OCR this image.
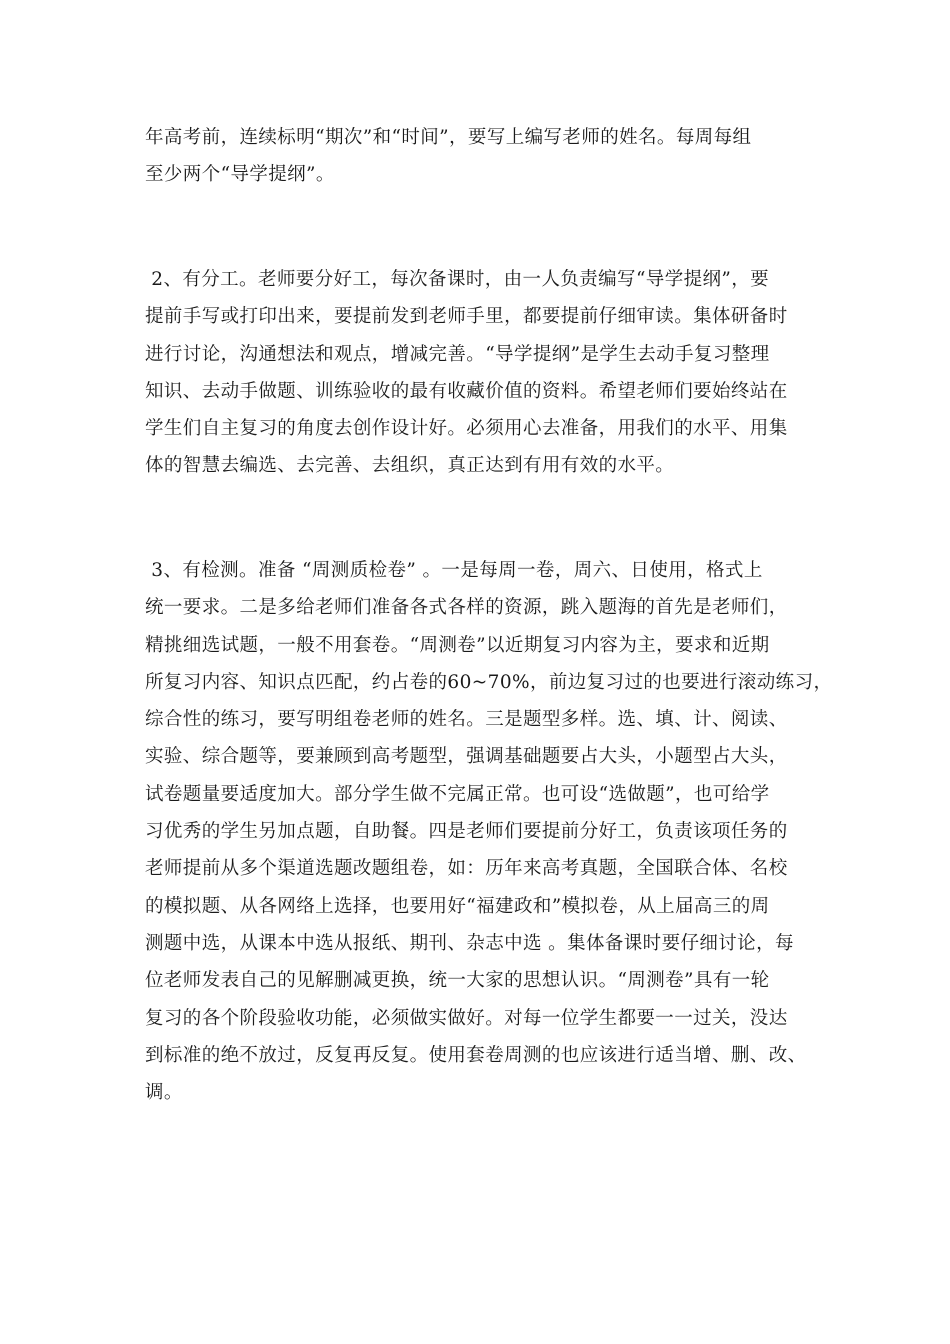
年高考前，连续标明“期次”和“时间”，要写上编写老师的姓名。每周每组
至少两个“导学提纲”。
2、有分工。老师要分好工，每次备课时，由一人负责编写“导学提纲”，要
提前手写或打印出来，要提前发到老师手里，都要提前仔细审读。集体研备时
进行讨论，沟通想法和观点，增减完善。“导学提纲”是学生去动手复习整理
知识、去动手做题、训练验收的最有收藏价值的资料。希望老师们要始终站在
学生们自主复习的角度去创作设计好。必须用心去准备，用我们的水平、用集
体的智慧去编选、去完善、去组织，真正达到有用有效的水平。
3、有检测。准备 “周测质检卷” 。一是每周一卷，周六、日使用，格式上
统一要求。二是多给老师们准备各式各样的资源，跳入题海的首先是老师们，
精挑细选试题，一般不用套卷。“周测卷”以近期复习内容为主，要求和近期
所复习内容、知识点匹配，约占卷的60~70%，前边复习过的也要进行滚动练习，
综合性的练习，要写明组卷老师的姓名。三是题型多样。选、填、计、阅读、
实验、综合题等，要兼顾到高考题型，强调基础题要占大头，小题型占大头，
试卷题量要适度加大。部分学生做不完属正常。也可设“选做题”，也可给学
习优秀的学生另加点题，自助餐。四是老师们要提前分好工，负责该项任务的
老师提前从多个渠道选题改题组卷，如：历年来高考真题，全国联合体、名校
的模拟题、从各网络上选择，也要用好“福建政和”模拟卷，从上届高三的周
测题中选，从课本中选从报纸、期刊、杂志中选 。集体备课时要仔细讨论，每
位老师发表自己的见解删减更换，统一大家的思想认识。“周测卷”具有一轮
复习的各个阶段验收功能，必须做实做好。对每一位学生都要一一过关，没达
到标准的绝不放过，反复再反复。使用套卷周测的也应该进行适当增、删、改、
调。
